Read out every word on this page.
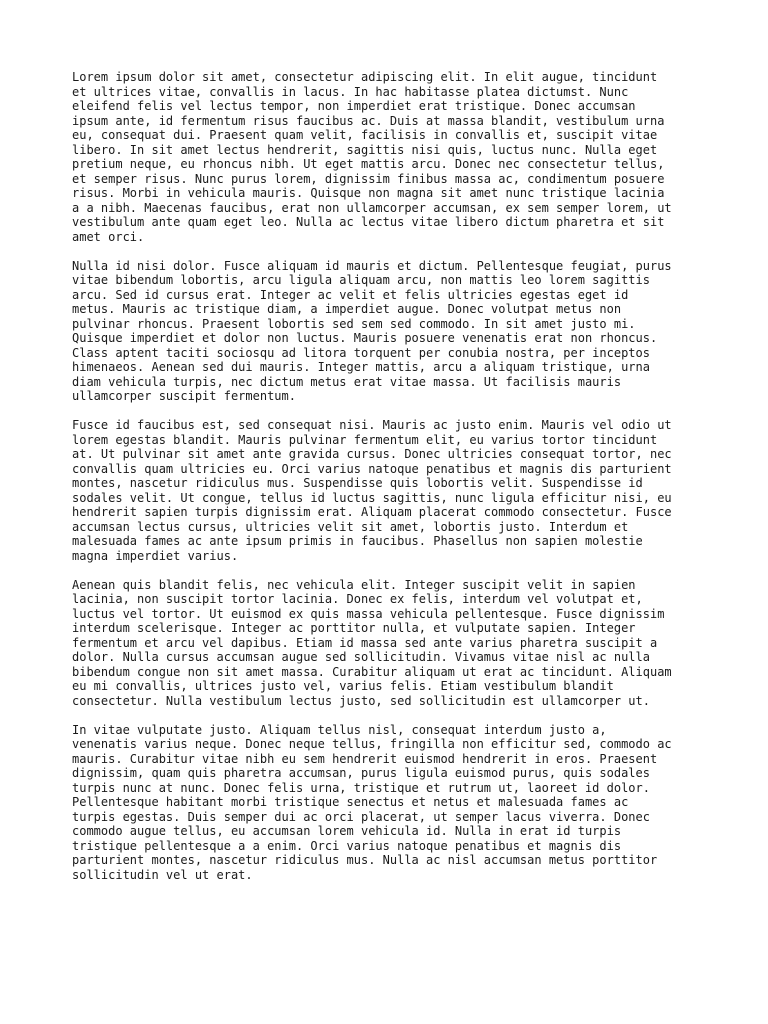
Lorem ipsum dolor sit amet, consectetur adipiscing elit. In elit augue, tincidunt
et ultrices vitae, convallis in lacus. In hac habitasse platea dictumst. Nunc
eleifend felis vel lectus tempor, non imperdiet erat tristique. Donec accumsan
ipsum ante, id fermentum risus faucibus ac. Duis at massa blandit, vestibulum urna
eu, consequat dui. Praesent quam velit, facilisis in convallis et, suscipit vitae
libero. In sit amet lectus hendrerit, sagittis nisi quis, luctus nunc. Nulla eget
pretium neque, eu rhoncus nibh. Ut eget mattis arcu. Donec nec consectetur tellus,
et semper risus. Nunc purus lorem, dignissim finibus massa ac, condimentum posuere
risus. Morbi in vehicula mauris. Quisque non magna sit amet nunc tristique lacinia
a a nibh. Maecenas faucibus, erat non ullamcorper accumsan, ex sem semper lorem, ut
vestibulum ante quam eget leo. Nulla ac lectus vitae libero dictum pharetra et sit
amet orci.

Nulla id nisi dolor. Fusce aliquam id mauris et dictum. Pellentesque feugiat, purus
vitae bibendum lobortis, arcu ligula aliquam arcu, non mattis leo lorem sagittis
arcu. Sed id cursus erat. Integer ac velit et felis ultricies egestas eget id
metus. Mauris ac tristique diam, a imperdiet augue. Donec volutpat metus non
pulvinar rhoncus. Praesent lobortis sed sem sed commodo. In sit amet justo mi.
Quisque imperdiet et dolor non luctus. Mauris posuere venenatis erat non rhoncus.
Class aptent taciti sociosqu ad litora torquent per conubia nostra, per inceptos
himenaeos. Aenean sed dui mauris. Integer mattis, arcu a aliquam tristique, urna
diam vehicula turpis, nec dictum metus erat vitae massa. Ut facilisis mauris
ullamcorper suscipit fermentum.

Fusce id faucibus est, sed consequat nisi. Mauris ac justo enim. Mauris vel odio ut
lorem egestas blandit. Mauris pulvinar fermentum elit, eu varius tortor tincidunt
at. Ut pulvinar sit amet ante gravida cursus. Donec ultricies consequat tortor, nec
convallis quam ultricies eu. Orci varius natoque penatibus et magnis dis parturient
montes, nascetur ridiculus mus. Suspendisse quis lobortis velit. Suspendisse id
sodales velit. Ut congue, tellus id luctus sagittis, nunc ligula efficitur nisi, eu
hendrerit sapien turpis dignissim erat. Aliquam placerat commodo consectetur. Fusce
accumsan lectus cursus, ultricies velit sit amet, lobortis justo. Interdum et
malesuada fames ac ante ipsum primis in faucibus. Phasellus non sapien molestie
magna imperdiet varius.

Aenean quis blandit felis, nec vehicula elit. Integer suscipit velit in sapien
lacinia, non suscipit tortor lacinia. Donec ex felis, interdum vel volutpat et,
luctus vel tortor. Ut euismod ex quis massa vehicula pellentesque. Fusce dignissim
interdum scelerisque. Integer ac porttitor nulla, et vulputate sapien. Integer
fermentum et arcu vel dapibus. Etiam id massa sed ante varius pharetra suscipit a
dolor. Nulla cursus accumsan augue sed sollicitudin. Vivamus vitae nisl ac nulla
bibendum congue non sit amet massa. Curabitur aliquam ut erat ac tincidunt. Aliquam
eu mi convallis, ultrices justo vel, varius felis. Etiam vestibulum blandit
consectetur. Nulla vestibulum lectus justo, sed sollicitudin est ullamcorper ut.

In vitae vulputate justo. Aliquam tellus nisl, consequat interdum justo a,
venenatis varius neque. Donec neque tellus, fringilla non efficitur sed, commodo ac
mauris. Curabitur vitae nibh eu sem hendrerit euismod hendrerit in eros. Praesent
dignissim, quam quis pharetra accumsan, purus ligula euismod purus, quis sodales
turpis nunc at nunc. Donec felis urna, tristique et rutrum ut, laoreet id dolor.
Pellentesque habitant morbi tristique senectus et netus et malesuada fames ac
turpis egestas. Duis semper dui ac orci placerat, ut semper lacus viverra. Donec
commodo augue tellus, eu accumsan lorem vehicula id. Nulla in erat id turpis
tristique pellentesque a a enim. Orci varius natoque penatibus et magnis dis
parturient montes, nascetur ridiculus mus. Nulla ac nisl accumsan metus porttitor
sollicitudin vel ut erat.
